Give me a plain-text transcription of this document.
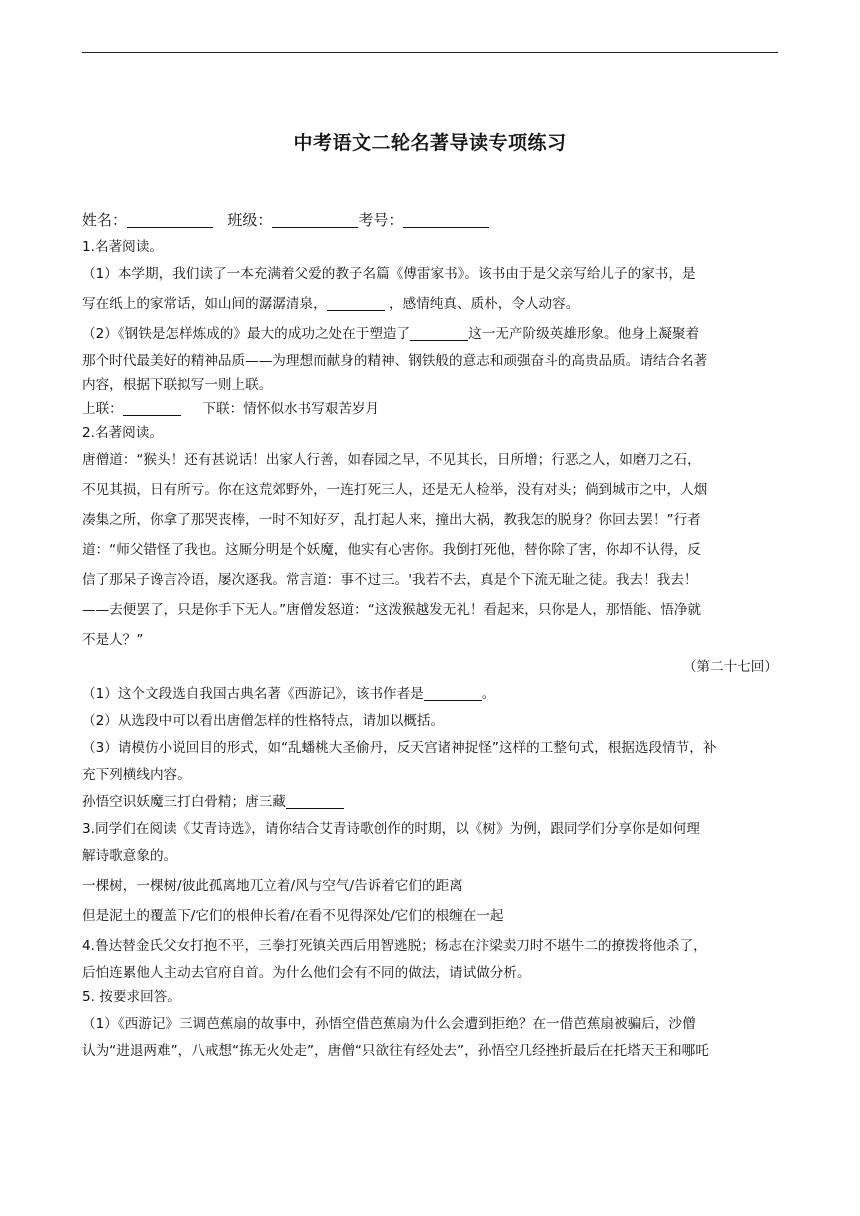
中考语文二轮名著导读专项练习
姓名：	班级：	考号：
1.名著阅读。
（1）本学期，我们读了一本充满着父爱的教子名篇《傅雷家书》。该书由于是父亲写给儿子的家书，是
写在纸上的家常话，如山间的潺潺清泉，	，感情纯真、质朴，令人动容。
（2）《钢铁是怎样炼成的》最大的成功之处在于塑造了	这一无产阶级英雄形象。他身上凝聚着
那个时代最美好的精神品质——为理想而献身的精神、钢铁般的意志和顽强奋斗的高贵品质。请结合名著
内容，根据下联拟写一则上联。
上联：	下联：情怀似水书写艰苦岁月
2.名著阅读。
唐僧道：“猴头！还有甚说话！出家人行善，如春园之早，不见其长，日所增；行恶之人，如磨刀之石，
不见其损，日有所亏。你在这荒郊野外，一连打死三人，还是无人检举，没有对头；倘到城市之中，人烟
凑集之所，你拿了那哭丧棒，一时不知好歹，乱打起人来，撞出大祸，教我怎的脱身？你回去罢！”行者
道：“师父错怪了我也。这厮分明是个妖魔，他实有心害你。我倒打死他，替你除了害，你却不认得，反
信了那呆子谗言冷语，屡次逐我。常言道：事不过三。'我若不去，真是个下流无耻之徒。我去！我去！
——去便罢了，只是你手下无人。”唐僧发怒道：“这泼猴越发无礼！看起来，只你是人，那悟能、悟净就
不是人？”
（第二十七回）
（1）这个文段选自我国古典名著《西游记》，该书作者是	。
（2）从选段中可以看出唐僧怎样的性格特点，请加以概括。
（3）请模仿小说回目的形式，如“乱蟠桃大圣偷丹，反天宫诸神捉怪”这样的工整句式，根据选段情节，补
充下列横线内容。
孙悟空识妖魔三打白骨精；唐三藏
3.同学们在阅读《艾青诗选》，请你结合艾青诗歌创作的时期，以《树》为例，跟同学们分享你是如何理
解诗歌意象的。
一棵树，一棵树/彼此孤离地兀立着/风与空气/告诉着它们的距离
但是泥土的覆盖下/它们的根伸长着/在看不见得深处/它们的根缠在一起
4.鲁达替金氏父女打抱不平，三拳打死镇关西后用智逃脱；杨志在汴梁卖刀时不堪牛二的撩拨将他杀了，
后怕连累他人主动去官府自首。为什么他们会有不同的做法，请试做分析。
5. 按要求回答。
（1）《西游记》三调芭蕉扇的故事中，孙悟空借芭蕉扇为什么会遭到拒绝？在一借芭蕉扇被骗后，沙僧
认为“进退两难”，八戒想“拣无火处走”，唐僧“只欲往有经处去”，孙悟空几经挫折最后在托塔天王和哪吒
